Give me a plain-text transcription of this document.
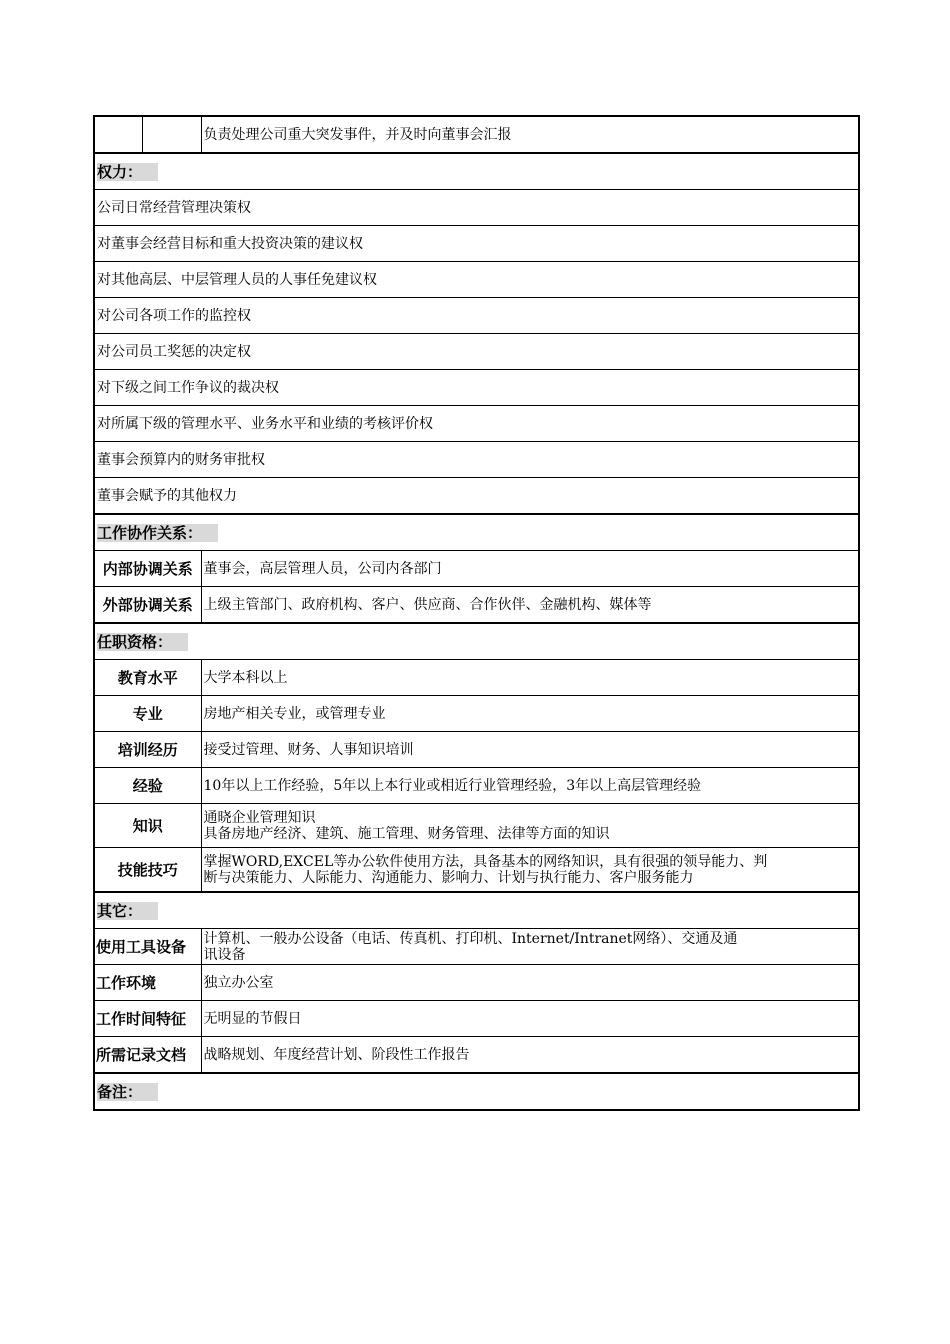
		负责处理公司重大突发事件，并及时向董事会汇报
权力：		
公司日常经营管理决策权		
对董事会经营目标和重大投资决策的建议权		
对其他高层、中层管理人员的人事任免建议权		
对公司各项工作的监控权		
对公司员工奖惩的决定权		
对下级之间工作争议的裁决权		
对所属下级的管理水平、业务水平和业绩的考核评价权		
董事会预算内的财务审批权		
董事会赋予的其他权力		
工作协作关系：		
内部协调关系		董事会，高层管理人员，公司内各部门
外部协调关系		上级主管部门、政府机构、客户、供应商、合作伙伴、金融机构、媒体等
任职资格：		
教育水平		大学本科以上
专业		房地产相关专业，或管理专业
培训经历		接受过管理、财务、人事知识培训
经验		10年以上工作经验，5年以上本行业或相近行业管理经验，3年以上高层管理经验
知识		通晓企业管理知识
具备房地产经济、建筑、施工管理、财务管理、法律等方面的知识

技能技巧		掌握WORD,EXCEL等办公软件使用方法，具备基本的网络知识，具有很强的领导能力、判
断与决策能力、人际能力、沟通能力、影响力、计划与执行能力、客户服务能力

其它：		
使用工具设备		计算机、一般办公设备（电话、传真机、打印机、Internet/Intranet网络）、交通及通
讯设备

工作环境		独立办公室
工作时间特征		无明显的节假日
所需记录文档		战略规划、年度经营计划、阶段性工作报告
备注：		
